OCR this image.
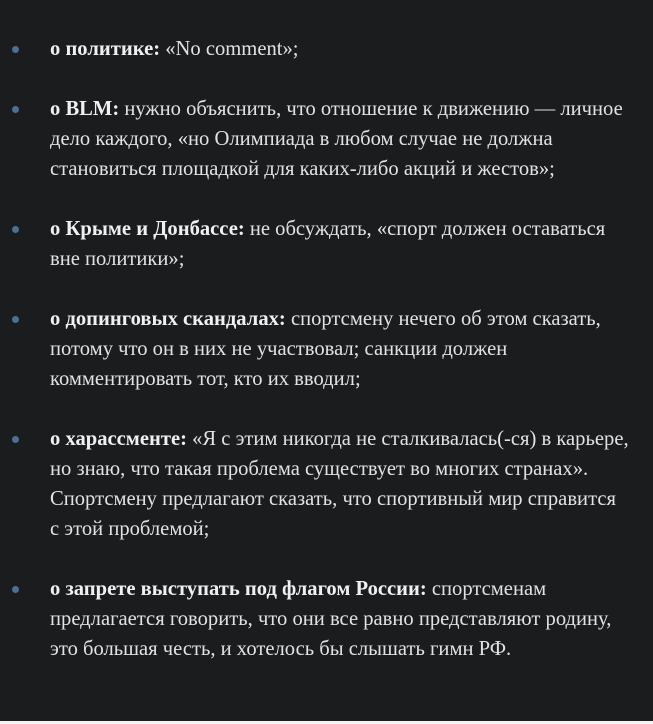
о политике: «No comment»;
о BLM: нужно объяснить, что отношение к движению — личное дело каждого, «но Олимпиада в любом случае не должна становиться площадкой для каких-либо акций и жестов»;
о Крыме и Донбассе: не обсуждать, «спорт должен оставаться вне политики»;
о допинговых скандалах: спортсмену нечего об этом сказать, потому что он в них не участвовал; санкции должен комментировать тот, кто их вводил;
о харассменте: «Я с этим никогда не сталкивалась(-ся) в карьере, но знаю, что такая проблема существует во многих странах». Спортсмену предлагают сказать, что спортивный мир справится с этой проблемой;
о запрете выступать под флагом России: спортсменам предлагается говорить, что они все равно представляют родину, это большая честь, и хотелось бы слышать гимн РФ.
